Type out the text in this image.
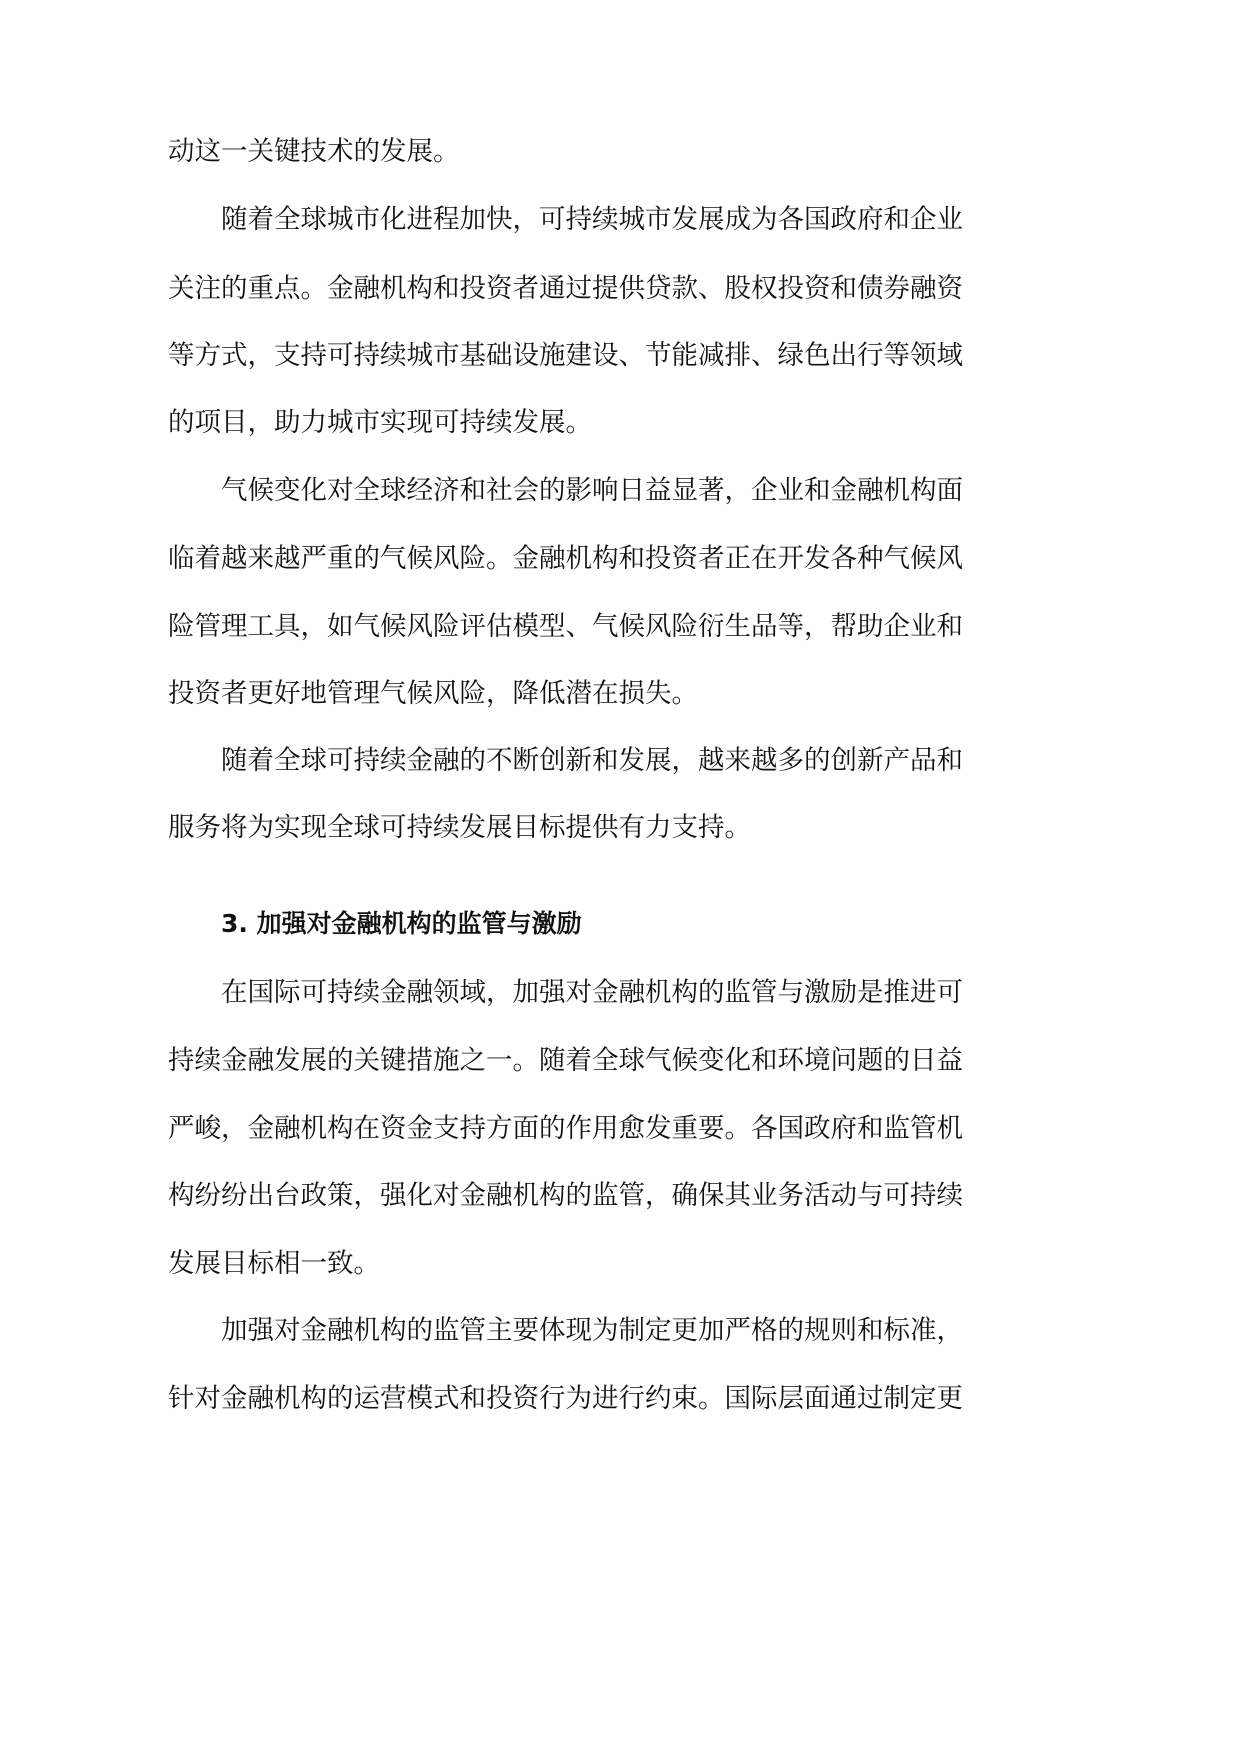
动这一关键技术的发展。
随着全球城市化进程加快，可持续城市发展成为各国政府和企业
关注的重点。金融机构和投资者通过提供贷款、股权投资和债券融资
等方式，支持可持续城市基础设施建设、节能减排、绿色出行等领域
的项目，助力城市实现可持续发展。
气候变化对全球经济和社会的影响日益显著，企业和金融机构面
临着越来越严重的气候风险。金融机构和投资者正在开发各种气候风
险管理工具，如气候风险评估模型、气候风险衍生品等，帮助企业和
投资者更好地管理气候风险，降低潜在损失。
随着全球可持续金融的不断创新和发展，越来越多的创新产品和
服务将为实现全球可持续发展目标提供有力支持。
3. 加强对金融机构的监管与激励
在国际可持续金融领域，加强对金融机构的监管与激励是推进可
持续金融发展的关键措施之一。随着全球气候变化和环境问题的日益
严峻，金融机构在资金支持方面的作用愈发重要。各国政府和监管机
构纷纷出台政策，强化对金融机构的监管，确保其业务活动与可持续
发展目标相一致。
加强对金融机构的监管主要体现为制定更加严格的规则和标准，
针对金融机构的运营模式和投资行为进行约束。国际层面通过制定更
